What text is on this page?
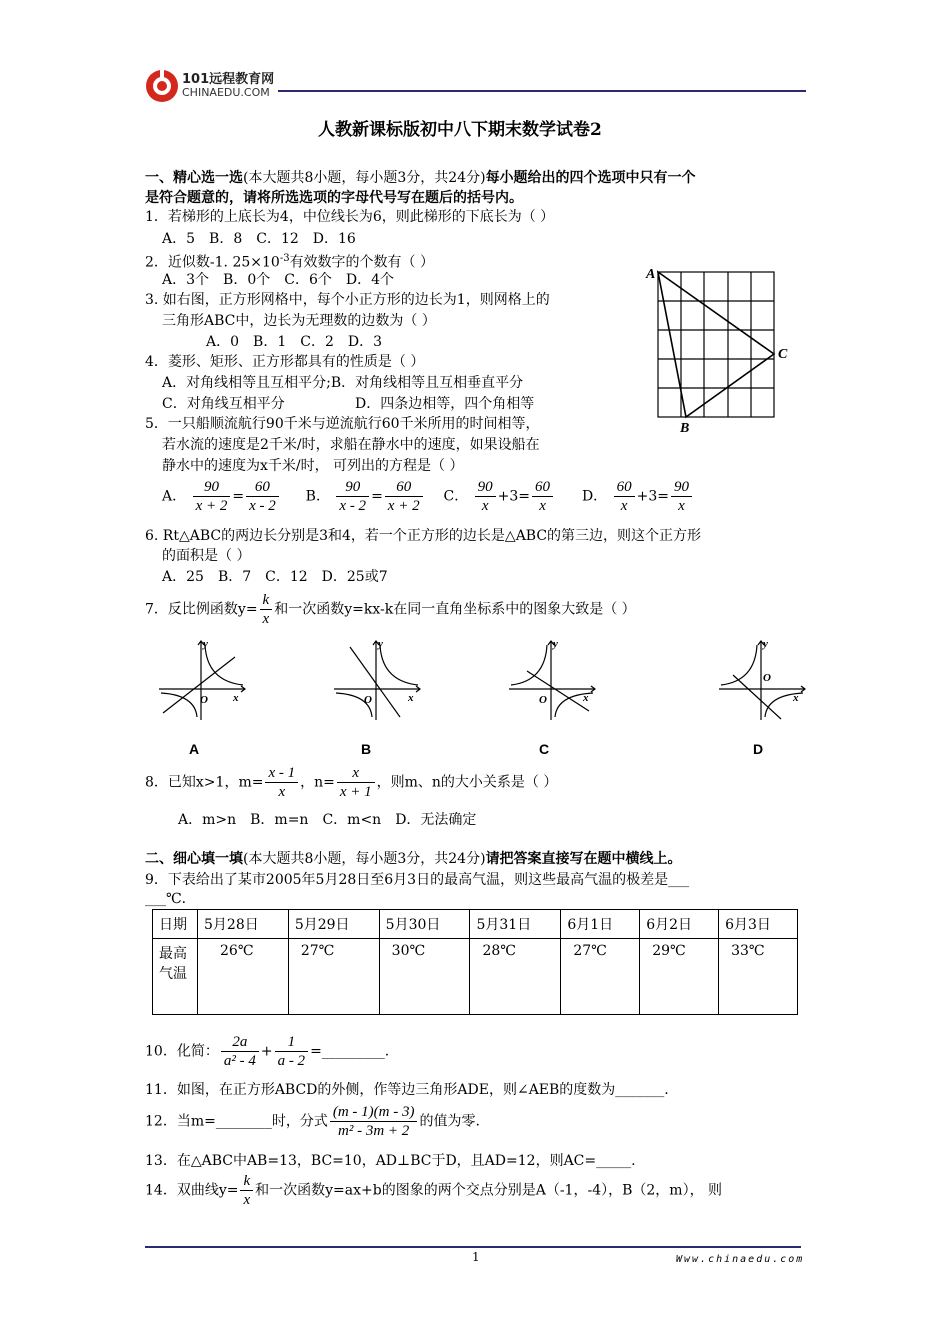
101远程教育网
CHINAEDU.COM
人教新课标版初中八下期末数学试卷2
一、精心选一选(本大题共8小题，每小题3分，共24分)每小题给出的四个选项中只有一个
是符合题意的，请将所选选项的字母代号写在题后的括号内。
1．若梯形的上底长为4，中位线长为6，则此梯形的下底长为（ ）
A．5 B．8 C．12 D．16
2．近似数-1. $25\times 10^{-3}$有效数字的个数有（ ）
A．3个 B．0个 C．6个 D．4个
3. 如右图，正方形网格中，每个小正方形的边长为1，则网格上的
三角形ABC中，边长为无理数的边数为（ ）
A．0 B．1 C．2 D．3
A
C
B
4．菱形、矩形、正方形都具有的性质是（ ）
A．对角线相等且互相平分;B．对角线相等且互相垂直平分
C．对角线互相平分	D．四条边相等，四个角相等
5．一只船顺流航行90千米与逆流航行60千米所用的时间相等，
若水流的速度是2千米/时，求船在静水中的速度，如果设船在
静水中的速度为x千米/时， 可列出的方程是（ ）
A． $\frac{90}{x + 2} = \frac{60}{x - 2}$ B． $\frac{90}{x - 2} = \frac{60}{x + 2}$ C． $\frac{90}{x} +3= \frac{60}{x}$ D． $\frac{60}{x} +3= \frac{90}{x}$
6. Rt△ABC的两边长分别是3和4，若一个正方形的边长是△ABC的第三边，则这个正方形
的面积是（ ）
A．25 B．7 C．12 D．25或7
7．反比例函数$y= \frac{k}{x}$ 和一次函数y=kx-k在同一直角坐标系中的图象大致是（ ）
y
x
O
y
x
O
y
x
O
y
x
O
A	B	C	D
8．已知x>1，$m= \frac{x - 1}{x}$ ，$n= \frac{x}{x + 1}$ ，则m、n的大小关系是（ ）
A．m>n B．m=n C．m<n D．无法确定
二、细心填一填(本大题共8小题，每小题3分，共24分)请把答案直接写在题中横线上。
9．下表给出了某市2005年5月28日至6月3日的最高气温，则这些最高气温的极差是___
___℃．
日期	5月28日	5月29日	5月30日	5月31日	6月1日	6月2日	6月3日
最高气温	26℃	27℃	30℃	28℃	27℃	29℃	33℃
10．化简： $\frac{2a}{\text{a² - 4}} + \frac{1}{a - 2}$ =_________.
11．如图，在正方形ABCD的外侧，作等边三角形ADE，则∠AEB的度数为_______.
12．当m=________时，分式 $\frac{(m - 1)(m - 3)}{\text{m² - 3m + 2}}$ 的值为零.
13．在△ABC中AB=13，BC=10，AD⊥BC于D，且AD=12，则AC=_____.
14．双曲线$y= \frac{k}{x}$ 和一次函数y=ax+b的图象的两个交点分别是A（-1，-4），B（2，m）， 则
1	Www.chinaedu.com
